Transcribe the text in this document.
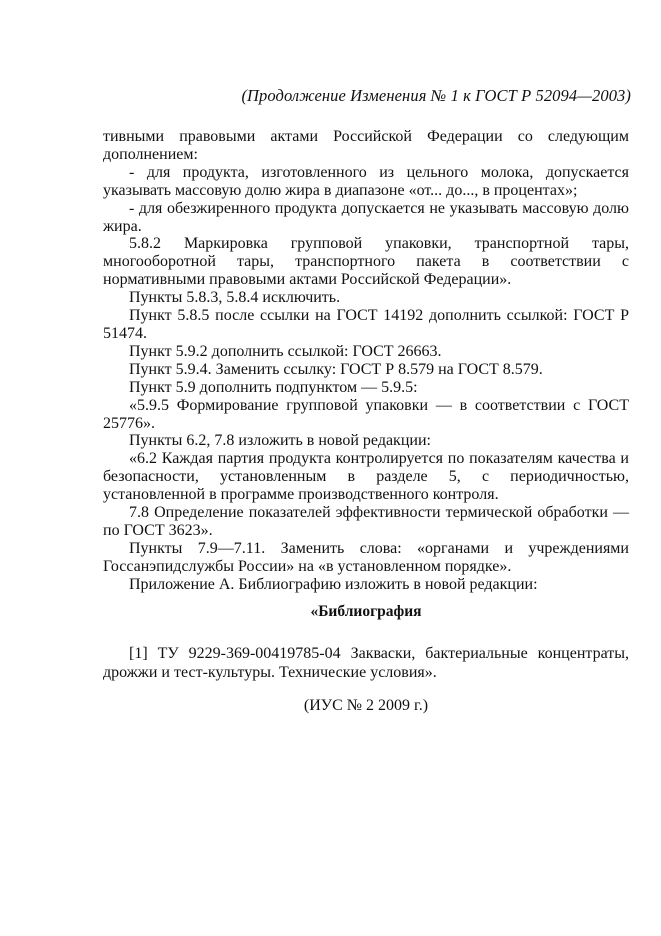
(Продолжение Изменения № 1 к ГОСТ Р 52094—2003)

тивными правовыми актами Российской Федерации со следующим дополнением:

- для продукта, изготовленного из цельного молока, допускается указывать массовую долю жира в диапазоне «от... до..., в процентах»;

- для обезжиренного продукта допускается не указывать массовую долю жира.

5.8.2 Маркировка групповой упаковки, транспортной тары, многооборотной тары, транспортного пакета в соответствии с нормативными правовыми актами Российской Федерации».

Пункты 5.8.3, 5.8.4 исключить.

Пункт 5.8.5 после ссылки на ГОСТ 14192 дополнить ссылкой: ГОСТ Р 51474.

Пункт 5.9.2 дополнить ссылкой: ГОСТ 26663.

Пункт 5.9.4. Заменить ссылку: ГОСТ Р 8.579 на ГОСТ 8.579.

Пункт 5.9 дополнить подпунктом — 5.9.5:

«5.9.5 Формирование групповой упаковки — в соответствии с ГОСТ 25776».

Пункты 6.2, 7.8 изложить в новой редакции:

«6.2 Каждая партия продукта контролируется по показателям качества и безопасности, установленным в разделе 5, с периодичностью, установленной в программе производственного контроля.

7.8 Определение показателей эффективности термической обработки — по ГОСТ 3623».

Пункты 7.9—7.11. Заменить слова: «органами и учреждениями Госсанэпидслужбы России» на «в установленном порядке».

Приложение А. Библиографию изложить в новой редакции:

«Библиография

[1] ТУ 9229-369-00419785-04 Закваски, бактериальные концентраты, дрожжи и тест-культуры. Технические условия».

(ИУС № 2 2009 г.)
